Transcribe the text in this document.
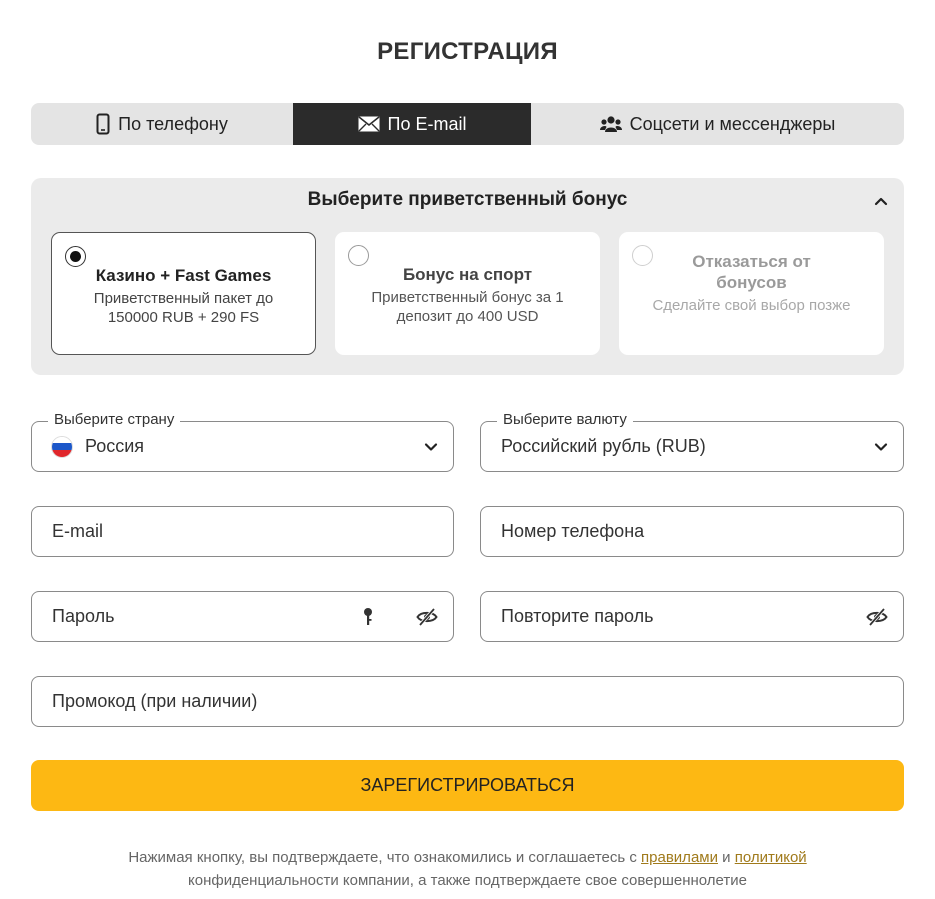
РЕГИСТРАЦИЯ
По телефону	По E-mail	Соцсети и мессенджеры
Выберите приветственный бонус
Казино + Fast Games
Приветственный пакет до 150000 RUB + 290 FS
Бонус на спорт
Приветственный бонус за 1 депозит до 400 USD
Отказаться от бонусов
Сделайте свой выбор позже
Выберите страну
Россия
Выберите валюту
Российский рубль (RUB)
E-mail	Номер телефона
Пароль	Повторите пароль
Промокод (при наличии)
ЗАРЕГИСТРИРОВАТЬСЯ
Нажимая кнопку, вы подтверждаете, что ознакомились и соглашаетесь с правилами и политикой
конфиденциальности компании, а также подтверждаете свое совершеннолетие
